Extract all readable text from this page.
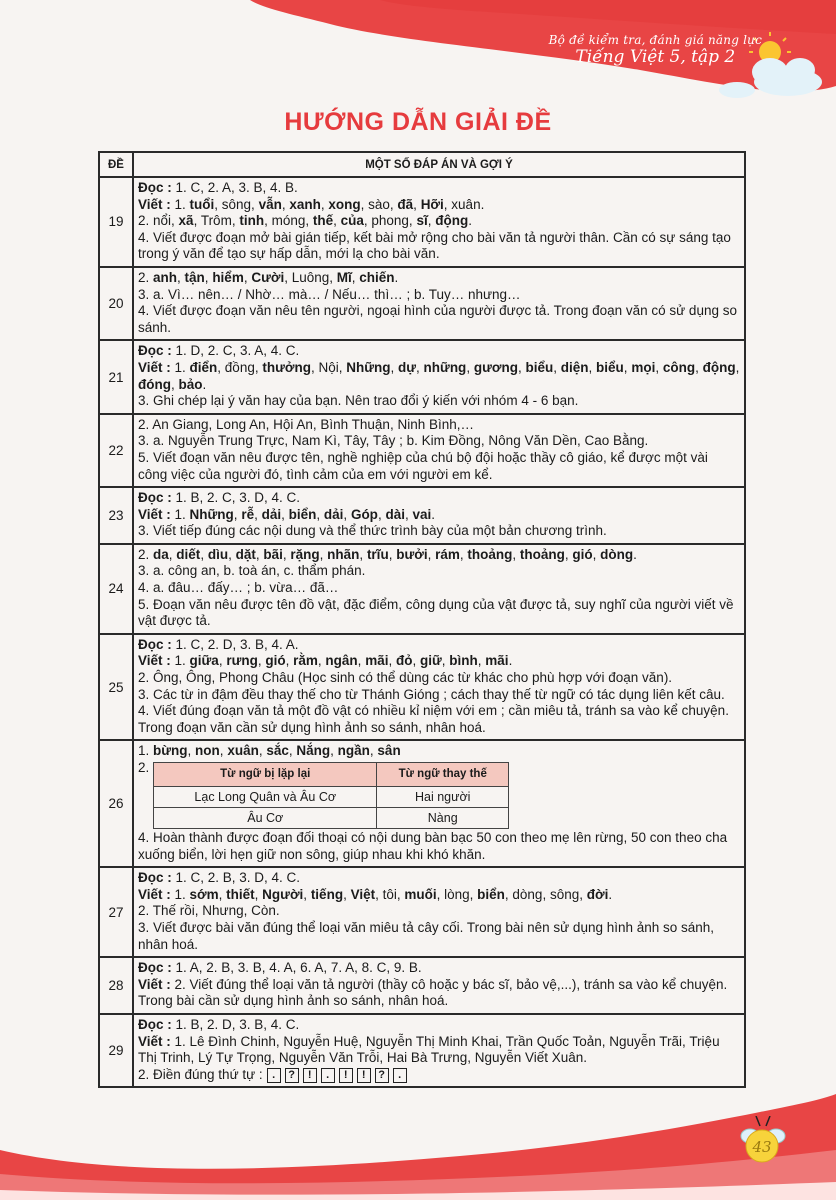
Bộ đề kiểm tra, đánh giá năng lực
Tiếng Việt 5, tập 2
HƯỚNG DẪN GIẢI ĐỀ
ĐỀ	MỘT SỐ ĐÁP ÁN VÀ GỢI Ý
19	
Đọc : 1. C, 2. A, 3. B, 4. B.
Viết : 1. tuổi, sông, vẫn, xanh, xong, sào, đã, Hỡi, xuân.
2. nổi, xã, Trôm, tinh, móng, thế, của, phong, sĩ, động.
4. Viết được đoạn mở bài gián tiếp, kết bài mở rộng cho bài văn tả người thân. Cần có sự sáng tạo trong ý văn để tạo sự hấp dẫn, mới lạ cho bài văn.

20	
2. anh, tận, hiểm, Cười, Luông, Mĩ, chiến.
3. a. Vì… nên… / Nhờ… mà… / Nếu… thì… ; b. Tuy… nhưng…
4. Viết được đoạn văn nêu tên người, ngoại hình của người được tả. Trong đoạn văn có sử dụng so sánh.

21	
Đọc : 1. D, 2. C, 3. A, 4. C.
Viết : 1. điển, đồng, thưởng, Nội, Những, dự, những, gương, biểu, diện, biểu, mọi, công, động, đóng, bảo.
3. Ghi chép lại ý văn hay của bạn. Nên trao đổi ý kiến với nhóm 4 - 6 bạn.

22	
2. An Giang, Long An, Hội An, Bình Thuận, Ninh Bình,…
3. a. Nguyễn Trung Trực, Nam Kì, Tây, Tây ; b. Kim Đồng, Nông Văn Dền, Cao Bằng.
5. Viết đoạn văn nêu được tên, nghề nghiệp của chú bộ đội hoặc thầy cô giáo, kể được một vài công việc của người đó, tình cảm của em với người em kể.

23	
Đọc : 1. B, 2. C, 3. D, 4. C.
Viết : 1. Những, rễ, dải, biển, dải, Góp, dài, vai.
3. Viết tiếp đúng các nội dung và thể thức trình bày của một bản chương trình.

24	
2. da, diết, dìu, dặt, bãi, rặng, nhãn, trĩu, bưởi, rám, thoảng, thoảng, gió, dòng.
3. a. công an, b. toà án, c. thẩm phán.
4. a. đâu… đấy… ; b. vừa… đã…
5. Đoạn văn nêu được tên đồ vật, đặc điểm, công dụng của vật được tả, suy nghĩ của người viết về vật được tả.

25	
Đọc : 1. C, 2. D, 3. B, 4. A.
Viết : 1. giữa, rưng, gió, rằm, ngân, mãi, đỏ, giữ, bình, mãi.
2. Ông, Ông, Phong Châu (Học sinh có thể dùng các từ khác cho phù hợp với đoạn văn).
3. Các từ in đậm đều thay thế cho từ Thánh Gióng ; cách thay thế từ ngữ có tác dụng liên kết câu.
4. Viết đúng đoạn văn tả một đồ vật có nhiều kỉ niệm với em ; cần miêu tả, tránh sa vào kể chuyện. Trong đoạn văn cần sử dụng hình ảnh so sánh, nhân hoá.

26	
1. bừng, non, xuân, sắc, Nắng, ngần, sân
2.	Từ ngữ bị lặp lại	Từ ngữ thay thế
Lạc Long Quân và Âu Cơ	Hai người
Âu Cơ	Nàng
4. Hoàn thành được đoạn đối thoại có nội dung bàn bạc 50 con theo mẹ lên rừng, 50 con theo cha xuống biển, lời hẹn giữ non sông, giúp nhau khi khó khăn.

27	
Đọc : 1. C, 2. B, 3. D, 4. C.
Viết : 1. sớm, thiết, Người, tiếng, Việt, tôi, muối, lòng, biển, dòng, sông, đời.
2. Thế rồi, Nhưng, Còn.
3. Viết được bài văn đúng thể loại văn miêu tả cây cối. Trong bài nên sử dụng hình ảnh so sánh, nhân hoá.

28	
Đọc : 1. A, 2. B, 3. B, 4. A, 6. A, 7. A, 8. C, 9. B.
Viết : 2. Viết đúng thể loại văn tả người (thầy cô hoặc y bác sĩ, bảo vệ,...), tránh sa vào kể chuyện. Trong bài cần sử dụng hình ảnh so sánh, nhân hoá.

29	
Đọc : 1. B, 2. D, 3. B, 4. C.
Viết : 1. Lê Đình Chinh, Nguyễn Huệ, Nguyễn Thị Minh Khai, Trần Quốc Toản, Nguyễn Trãi, Triệu Thị Trinh, Lý Tự Trọng, Nguyễn Văn Trỗi, Hai Bà Trưng, Nguyễn Viết Xuân.
2. Điền đúng thứ tự : . ? ! . ! ! ? .
43
